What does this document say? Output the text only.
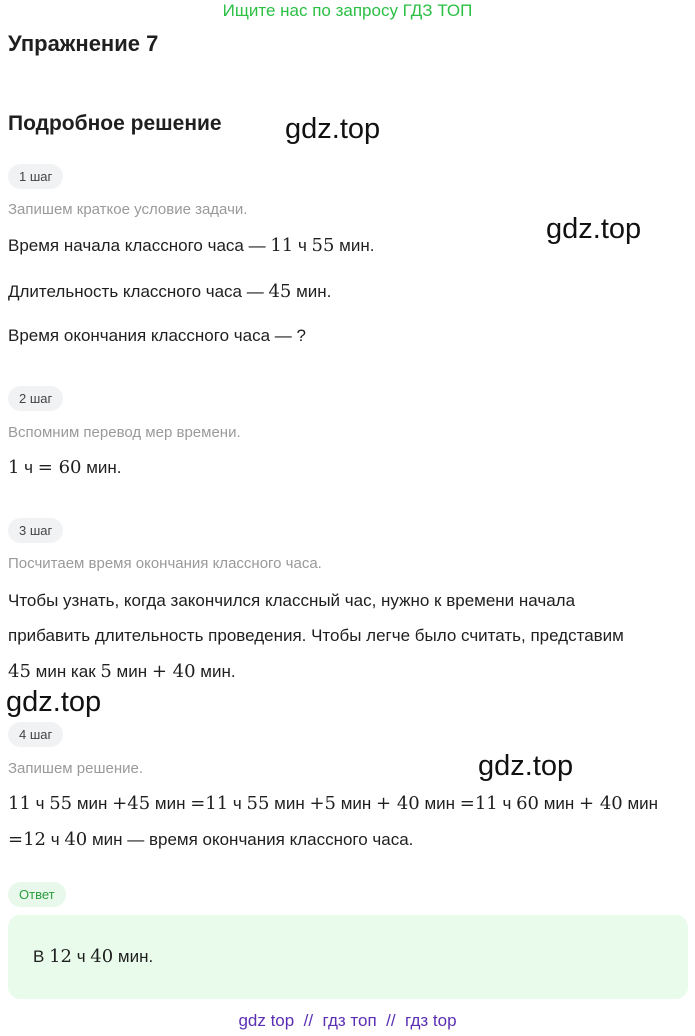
Ищите нас по запросу ГДЗ ТОП
Упражнение 7
Подробное решение gdz.top
gdz.top
gdz.top
gdz.top
1 шаг
Запишем краткое условие задачи.
Время начала классного часа — 11 ч 55 мин.
Длительность классного часа — 45 мин.
Время окончания классного часа — ?
2 шаг
Вспомним перевод мер времени.
1 ч = 60 мин.
3 шаг
Посчитаем время окончания классного часа.
Чтобы узнать, когда закончился классный час, нужно к времени начала
прибавить длительность проведения. Чтобы легче было считать, представим
45 мин как 5 мин + 40 мин.
4 шаг
Запишем решение.
11 ч 55 мин +45 мин =11 ч 55 мин +5 мин + 40 мин =11 ч 60 мин + 40 мин
=12 ч 40 мин — время окончания классного часа.
Ответ
В 12 ч 40 мин.
gdz top  //  гдз топ  //  гдз top
